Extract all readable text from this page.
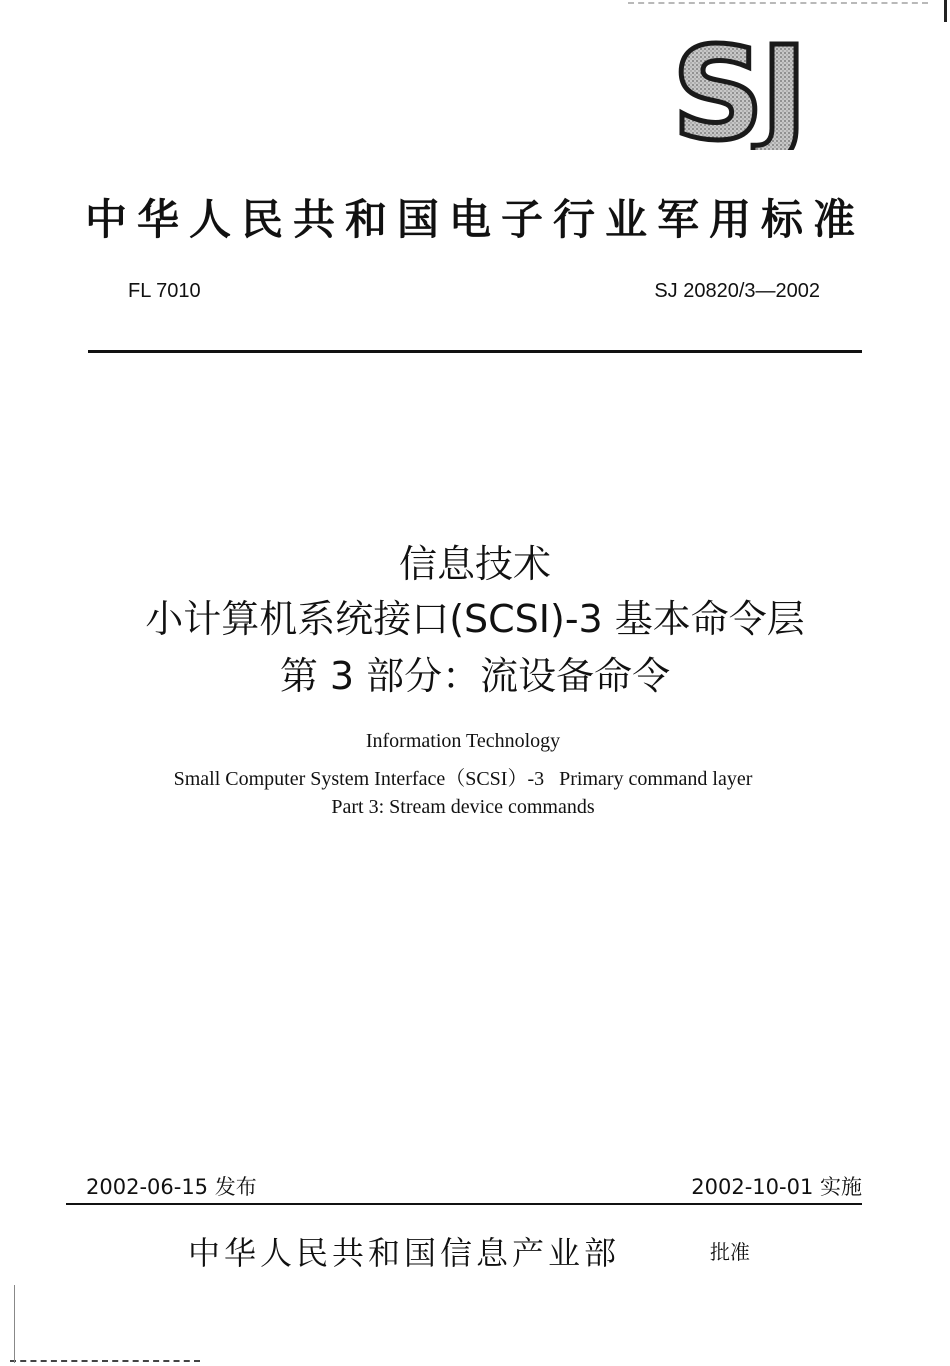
SJ
中华人民共和国电子行业军用标准
FL 7010	SJ 20820/3—2002
信息技术
小计算机系统接口(SCSI)-3 基本命令层
第 3 部分：流设备命令
Information Technology
Small Computer System Interface（SCSI）-3   Primary command layer
Part 3: Stream device commands
2002-06-15 发布	2002-10-01 实施
中华人民共和国信息产业部	批准
